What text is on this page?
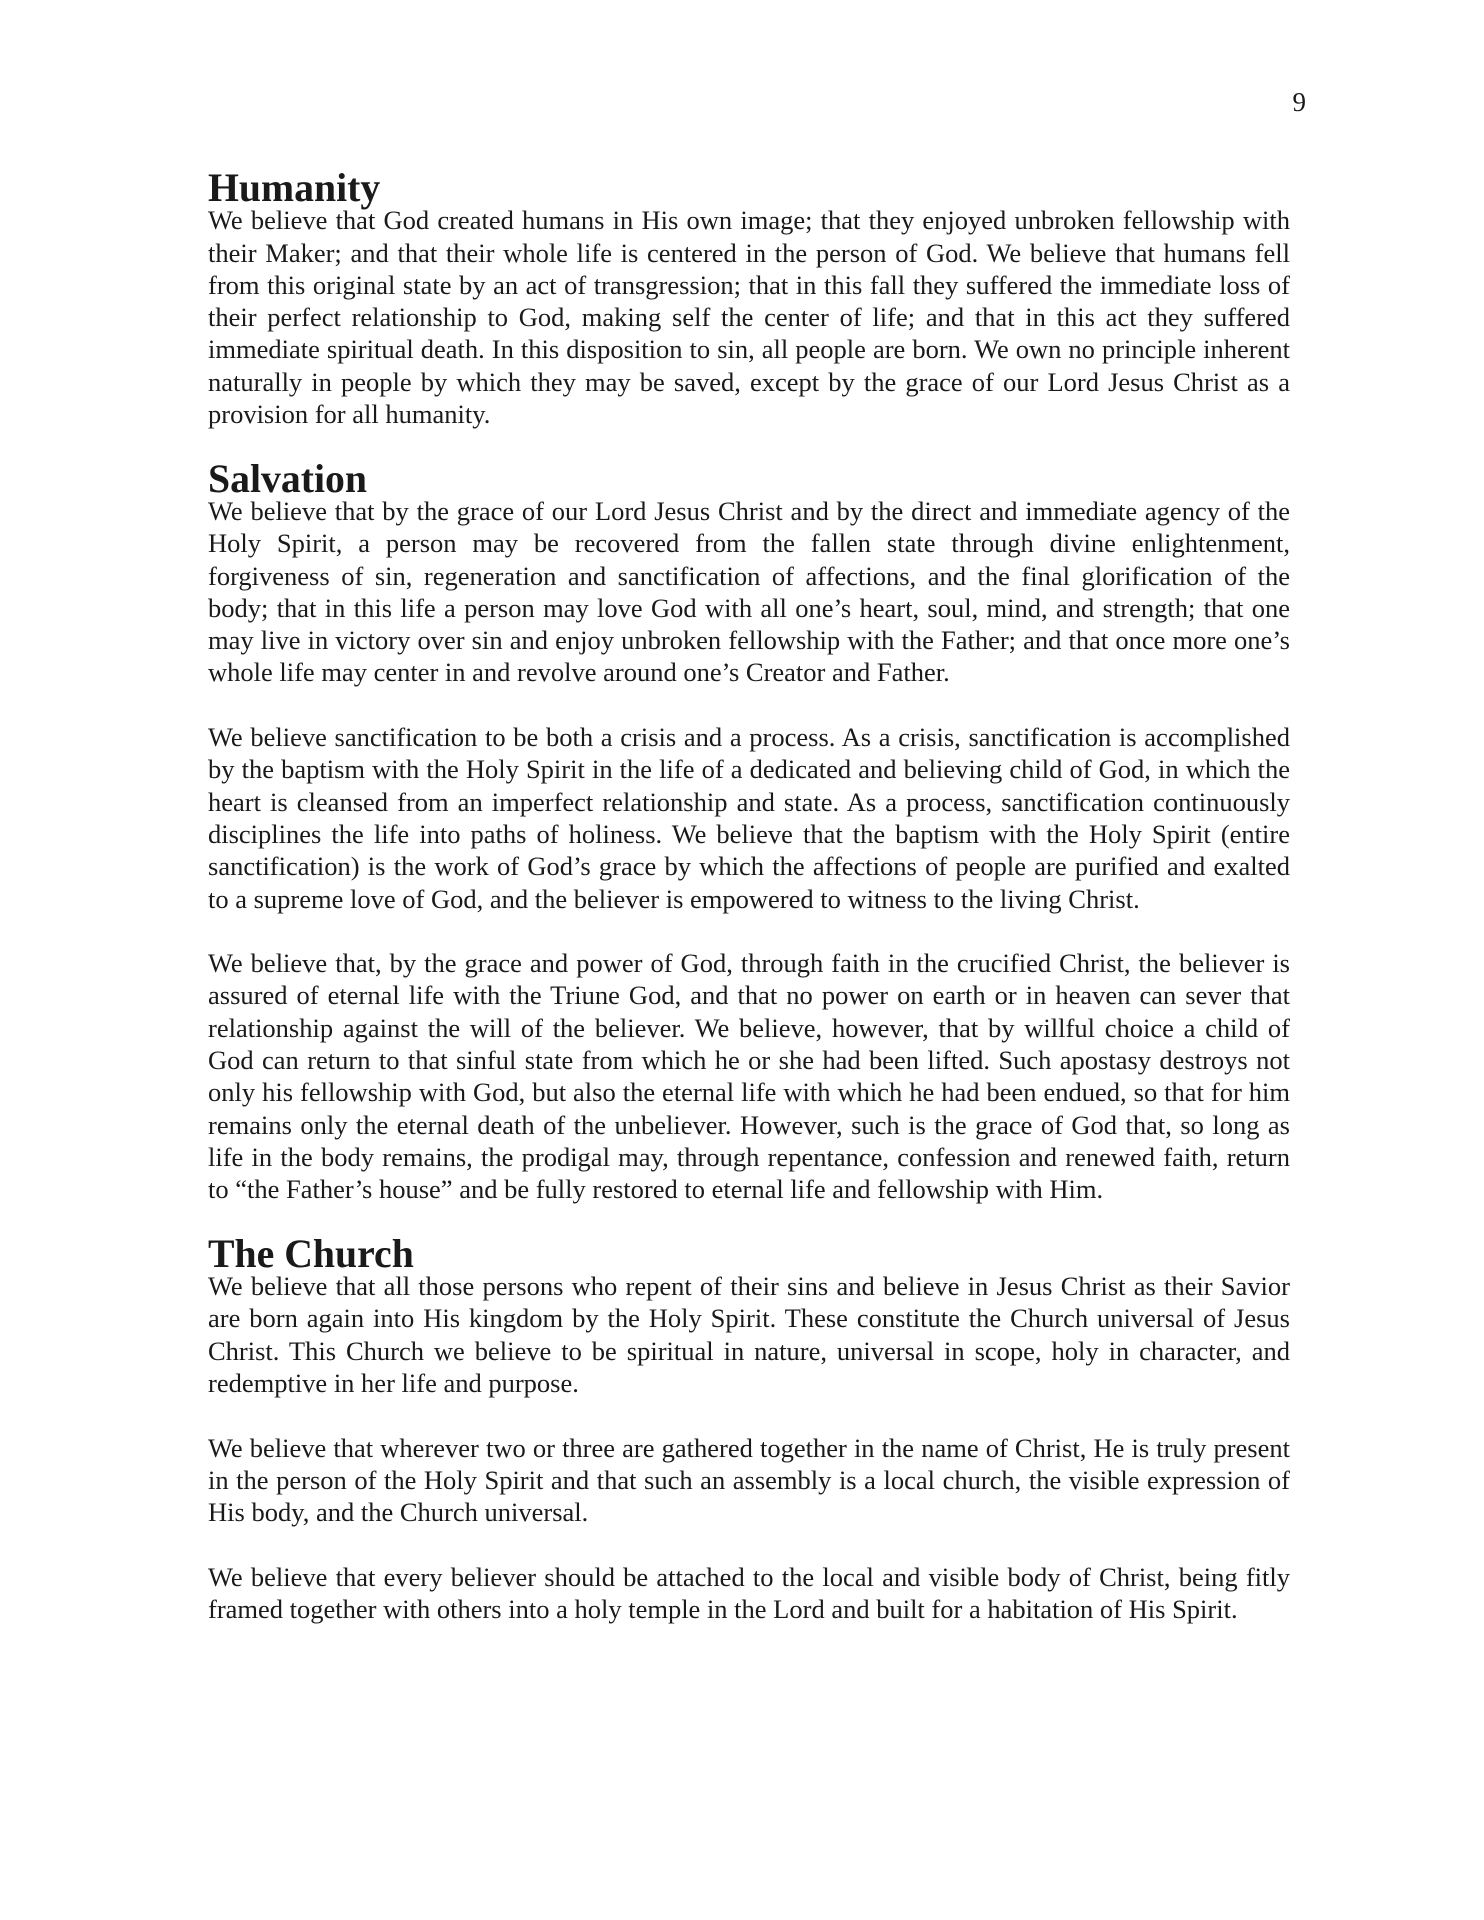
9
Humanity

We believe that God created humans in His own image; that they enjoyed unbroken fellowship with their Maker; and that their whole life is centered in the person of God. We believe that humans fell from this original state by an act of transgression; that in this fall they suffered the immediate loss of their perfect relationship to God, making self the center of life; and that in this act they suffered immediate spiritual death. In this disposition to sin, all people are born. We own no principle inherent naturally in people by which they may be saved, except by the grace of our Lord Jesus Christ as a provision for all humanity.

Salvation

We believe that by the grace of our Lord Jesus Christ and by the direct and immediate agency of the Holy Spirit, a person may be recovered from the fallen state through divine enlightenment, forgiveness of sin, regeneration and sanctification of affections, and the final glorification of the body; that in this life a person may love God with all one’s heart, soul, mind, and strength; that one may live in victory over sin and enjoy unbroken fellowship with the Father; and that once more one’s whole life may center in and revolve around one’s Creator and Father.

We believe sanctification to be both a crisis and a process. As a crisis, sanctification is accomplished by the baptism with the Holy Spirit in the life of a dedicated and believing child of God, in which the heart is cleansed from an imperfect relationship and state. As a process, sanctification continuously disciplines the life into paths of holiness. We believe that the baptism with the Holy Spirit (entire sanctification) is the work of God’s grace by which the affections of people are purified and exalted to a supreme love of God, and the believer is empowered to witness to the living Christ.

We believe that, by the grace and power of God, through faith in the crucified Christ, the believer is assured of eternal life with the Triune God, and that no power on earth or in heaven can sever that relationship against the will of the believer. We believe, however, that by willful choice a child of God can return to that sinful state from which he or she had been lifted. Such apostasy destroys not only his fellowship with God, but also the eternal life with which he had been endued, so that for him remains only the eternal death of the unbeliever. However, such is the grace of God that, so long as life in the body remains, the prodigal may, through repentance, confession and renewed faith, return to “the Father’s house” and be fully restored to eternal life and fellowship with Him.

The Church

We believe that all those persons who repent of their sins and believe in Jesus Christ as their Savior are born again into His kingdom by the Holy Spirit. These constitute the Church universal of Jesus Christ. This Church we believe to be spiritual in nature, universal in scope, holy in character, and redemptive in her life and purpose.

We believe that wherever two or three are gathered together in the name of Christ, He is truly present in the person of the Holy Spirit and that such an assembly is a local church, the visible expression of His body, and the Church universal.

We believe that every believer should be attached to the local and visible body of Christ, being fitly framed together with others into a holy temple in the Lord and built for a habitation of His Spirit.
